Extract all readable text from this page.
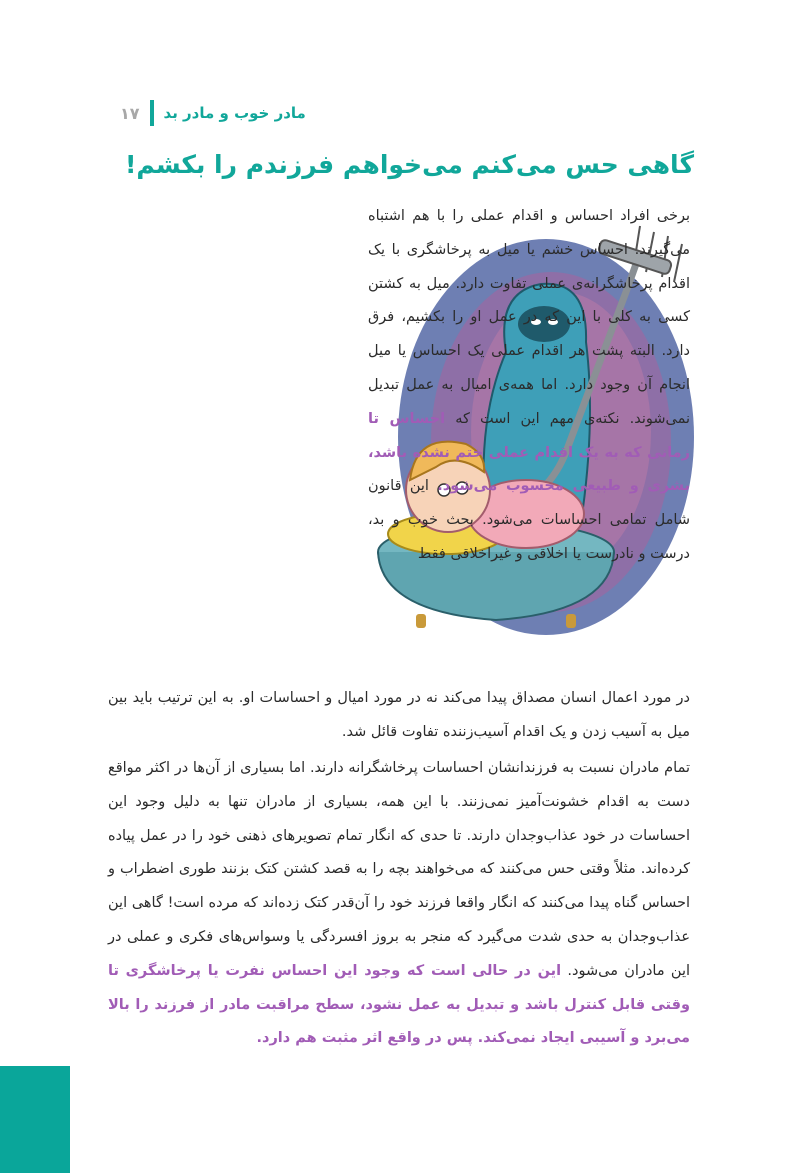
۱۷ مادر خوب و مادر بد
گاهی حس می‌کنم می‌خواهم فرزندم را بکشم!
برخی افراد احساس و اقدام عملی را با هم اشتباه می‌گیرند. احساس خشم یا میل به پرخاشگری با یک اقدام پرخاشگرانه‌ی عملی تفاوت دارد. میل به کشتن کسی به کلی با این که در عمل او را بکشیم، فرق دارد. البته پشت هر اقدام عملی یک احساس یا میل انجام آن وجود دارد. اما همه‌ی امیال به عمل تبدیل نمی‌شوند. نکته‌ی مهم این است که احساس تا زمانی که به یک اقدام عملی ختم نشده باشد، بشری و طبیعی محسوب می‌شود. این قانون شامل تمامی احساسات می‌شود. بحث خوب و بد، درست و نادرست یا اخلاقی و غیراخلاقی فقط
در مورد اعمال انسان مصداق پیدا می‌کند نه در مورد امیال و احساسات او. به این ترتیب باید بین میل به آسیب زدن و یک اقدام آسیب‌زننده تفاوت قائل شد.
تمام مادران نسبت به فرزندانشان احساسات پرخاشگرانه دارند. اما بسیاری از آن‌ها در اکثر مواقع دست به اقدام خشونت‌آمیز نمی‌زنند. با این همه، بسیاری از مادران تنها به دلیل وجود این احساسات در خود عذاب‌وجدان دارند. تا حدی که انگار تمام تصویرهای ذهنی خود را در عمل پیاده کرده‌اند. مثلاً وقتی حس می‌کنند که می‌خواهند بچه را به قصد کشتن کتک بزنند طوری اضطراب و احساس گناه پیدا می‌کنند که انگار واقعا فرزند خود را آن‌قدر کتک زده‌اند که مرده است! گاهی این عذاب‌وجدان به حدی شدت می‌گیرد که منجر به بروز افسردگی یا وسواس‌های فکری و عملی در این مادران می‌شود. این در حالی است که وجود این احساس نفرت یا پرخاشگری تا وقتی قابل کنترل باشد و تبدیل به عمل نشود، سطح مراقبت مادر از فرزند را بالا می‌برد و آسیبی ایجاد نمی‌کند. پس در واقع اثر مثبت هم دارد.
